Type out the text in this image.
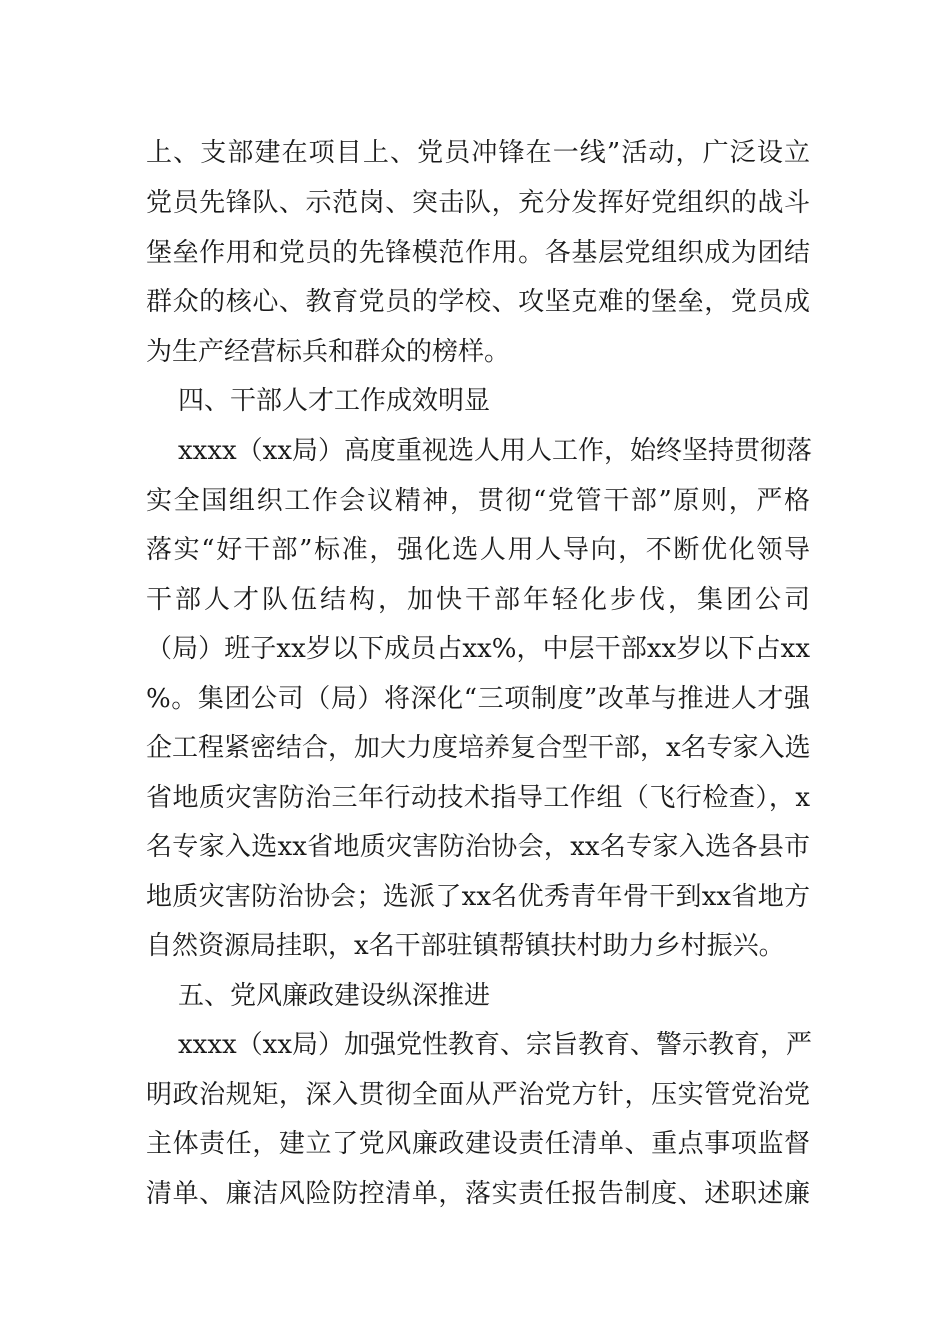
上、支部建在项目上、党员冲锋在一线”活动，广泛设立
党员先锋队、示范岗、突击队，充分发挥好党组织的战斗
堡垒作用和党员的先锋模范作用。各基层党组织成为团结
群众的核心、教育党员的学校、攻坚克难的堡垒，党员成
为生产经营标兵和群众的榜样。
四、干部人才工作成效明显
xxxx（xx局）高度重视选人用人工作，始终坚持贯彻落
实全国组织工作会议精神，贯彻“党管干部”原则，严格
落实“好干部”标准，强化选人用人导向，不断优化领导
干部人才队伍结构，加快干部年轻化步伐，集团公司
（局）班子xx岁以下成员占xx%，中层干部xx岁以下占xx
%。集团公司（局）将深化“三项制度”改革与推进人才强
企工程紧密结合，加大力度培养复合型干部，x名专家入选
省地质灾害防治三年行动技术指导工作组（飞行检查），x
名专家入选xx省地质灾害防治协会，xx名专家入选各县市
地质灾害防治协会；选派了xx名优秀青年骨干到xx省地方
自然资源局挂职，x名干部驻镇帮镇扶村助力乡村振兴。
五、党风廉政建设纵深推进
xxxx（xx局）加强党性教育、宗旨教育、警示教育，严
明政治规矩，深入贯彻全面从严治党方针，压实管党治党
主体责任，建立了党风廉政建设责任清单、重点事项监督
清单、廉洁风险防控清单，落实责任报告制度、述职述廉
